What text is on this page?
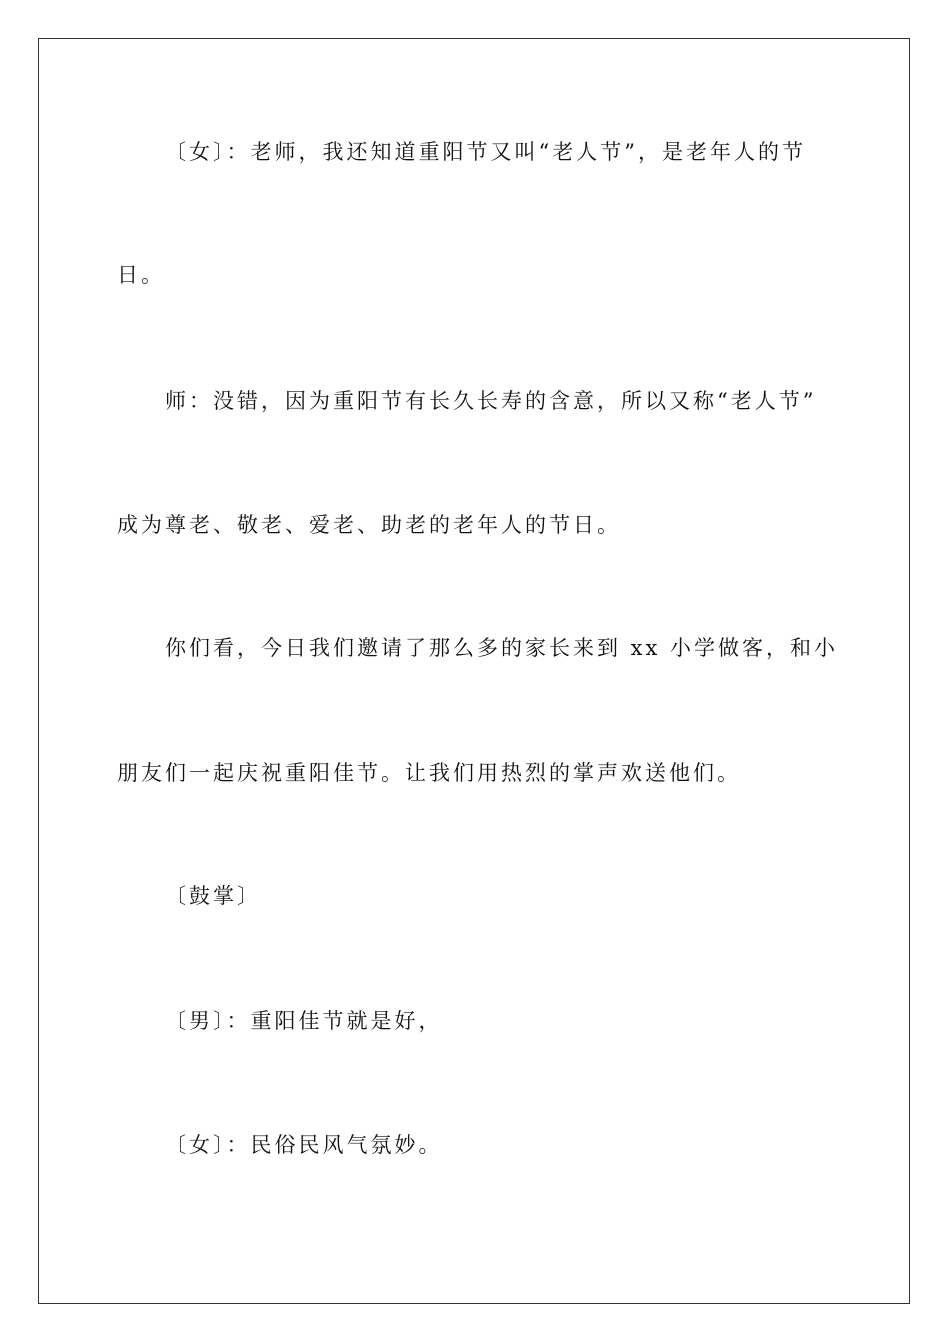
〔女〕：老师，我还知道重阳节又叫“老人节”，是老年人的节
日。
师：没错，因为重阳节有长久长寿的含意，所以又称“老人节”
成为尊老、敬老、爱老、助老的老年人的节日。
你们看，今日我们邀请了那么多的家长来到 xx 小学做客，和小
朋友们一起庆祝重阳佳节。让我们用热烈的掌声欢送他们。
〔鼓掌〕
〔男〕：重阳佳节就是好，
〔女〕：民俗民风气氛妙。
